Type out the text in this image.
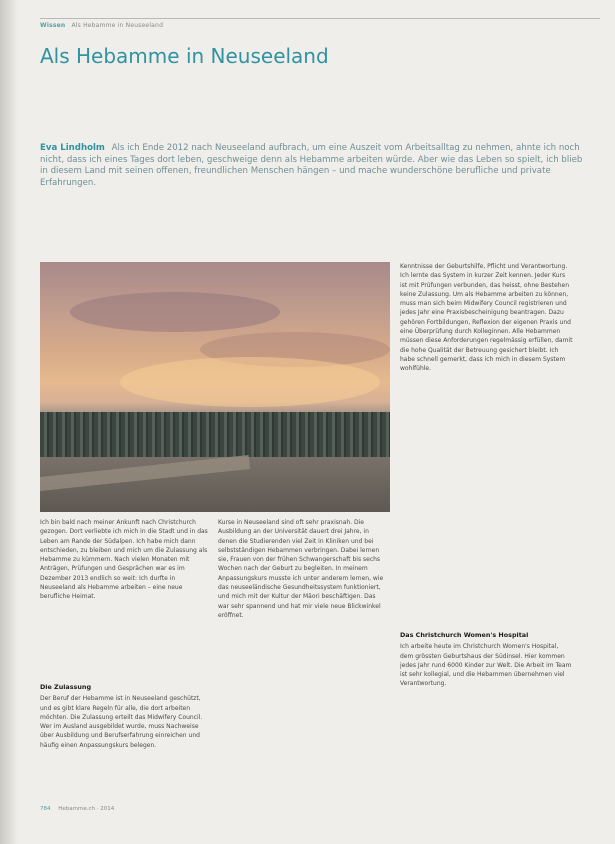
Wissen Als Hebamme in Neuseeland
Als Hebamme in Neuseeland
Eva Lindholm Als ich Ende 2012 nach Neuseeland aufbrach, um eine Auszeit vom Arbeitsalltag zu nehmen, ahnte ich noch nicht, dass ich eines Tages dort leben, geschweige denn als Hebamme arbeiten würde. Aber wie das Leben so spielt, ich blieb in diesem Land mit seinen offenen, freundlichen Menschen hängen – und mache wunderschöne berufliche und private Erfahrungen.

Ich bin bald nach meiner Ankunft nach Christchurch gezogen. Dort verliebte ich mich in die Stadt und in das Leben am Rande der Südalpen. Ich habe mich dann entschieden, zu bleiben und mich um die Zulassung als Hebamme zu kümmern. Nach vielen Monaten mit Anträgen, Prüfungen und Gesprächen war es im Dezember 2013 endlich so weit: Ich durfte in Neuseeland als Hebamme arbeiten – eine neue berufliche Heimat.

Die Zulassung

Der Beruf der Hebamme ist in Neuseeland geschützt, und es gibt klare Regeln für alle, die dort arbeiten möchten. Die Zulassung erteilt das Midwifery Council. Wer im Ausland ausgebildet wurde, muss Nachweise über Ausbildung und Berufserfahrung einreichen und häufig einen Anpassungskurs belegen.

Kurse in Neuseeland sind oft sehr praxisnah. Die Ausbildung an der Universität dauert drei Jahre, in denen die Studierenden viel Zeit in Kliniken und bei selbstständigen Hebammen verbringen. Dabei lernen sie, Frauen von der frühen Schwangerschaft bis sechs Wochen nach der Geburt zu begleiten. In meinem Anpassungskurs musste ich unter anderem lernen, wie das neuseeländische Gesundheitssystem funktioniert, und mich mit der Kultur der Māori beschäftigen. Das war sehr spannend und hat mir viele neue Blickwinkel eröffnet.

Kenntnisse der Geburtshilfe, Pflicht und Verantwortung. Ich lernte das System in kurzer Zeit kennen. Jeder Kurs ist mit Prüfungen verbunden, das heisst, ohne Bestehen keine Zulassung. Um als Hebamme arbeiten zu können, muss man sich beim Midwifery Council registrieren und jedes Jahr eine Praxisbescheinigung beantragen. Dazu gehören Fortbildungen, Reflexion der eigenen Praxis und eine Überprüfung durch Kolleginnen. Alle Hebammen müssen diese Anforderungen regelmässig erfüllen, damit die hohe Qualität der Betreuung gesichert bleibt. Ich habe schnell gemerkt, dass ich mich in diesem System wohlfühle.

Das Christchurch Women's Hospital

Ich arbeite heute im Christchurch Women's Hospital, dem grössten Geburtshaus der Südinsel. Hier kommen jedes Jahr rund 6000 Kinder zur Welt. Die Arbeit im Team ist sehr kollegial, und die Hebammen übernehmen viel Verantwortung.

784 Hebamme.ch · 2014
